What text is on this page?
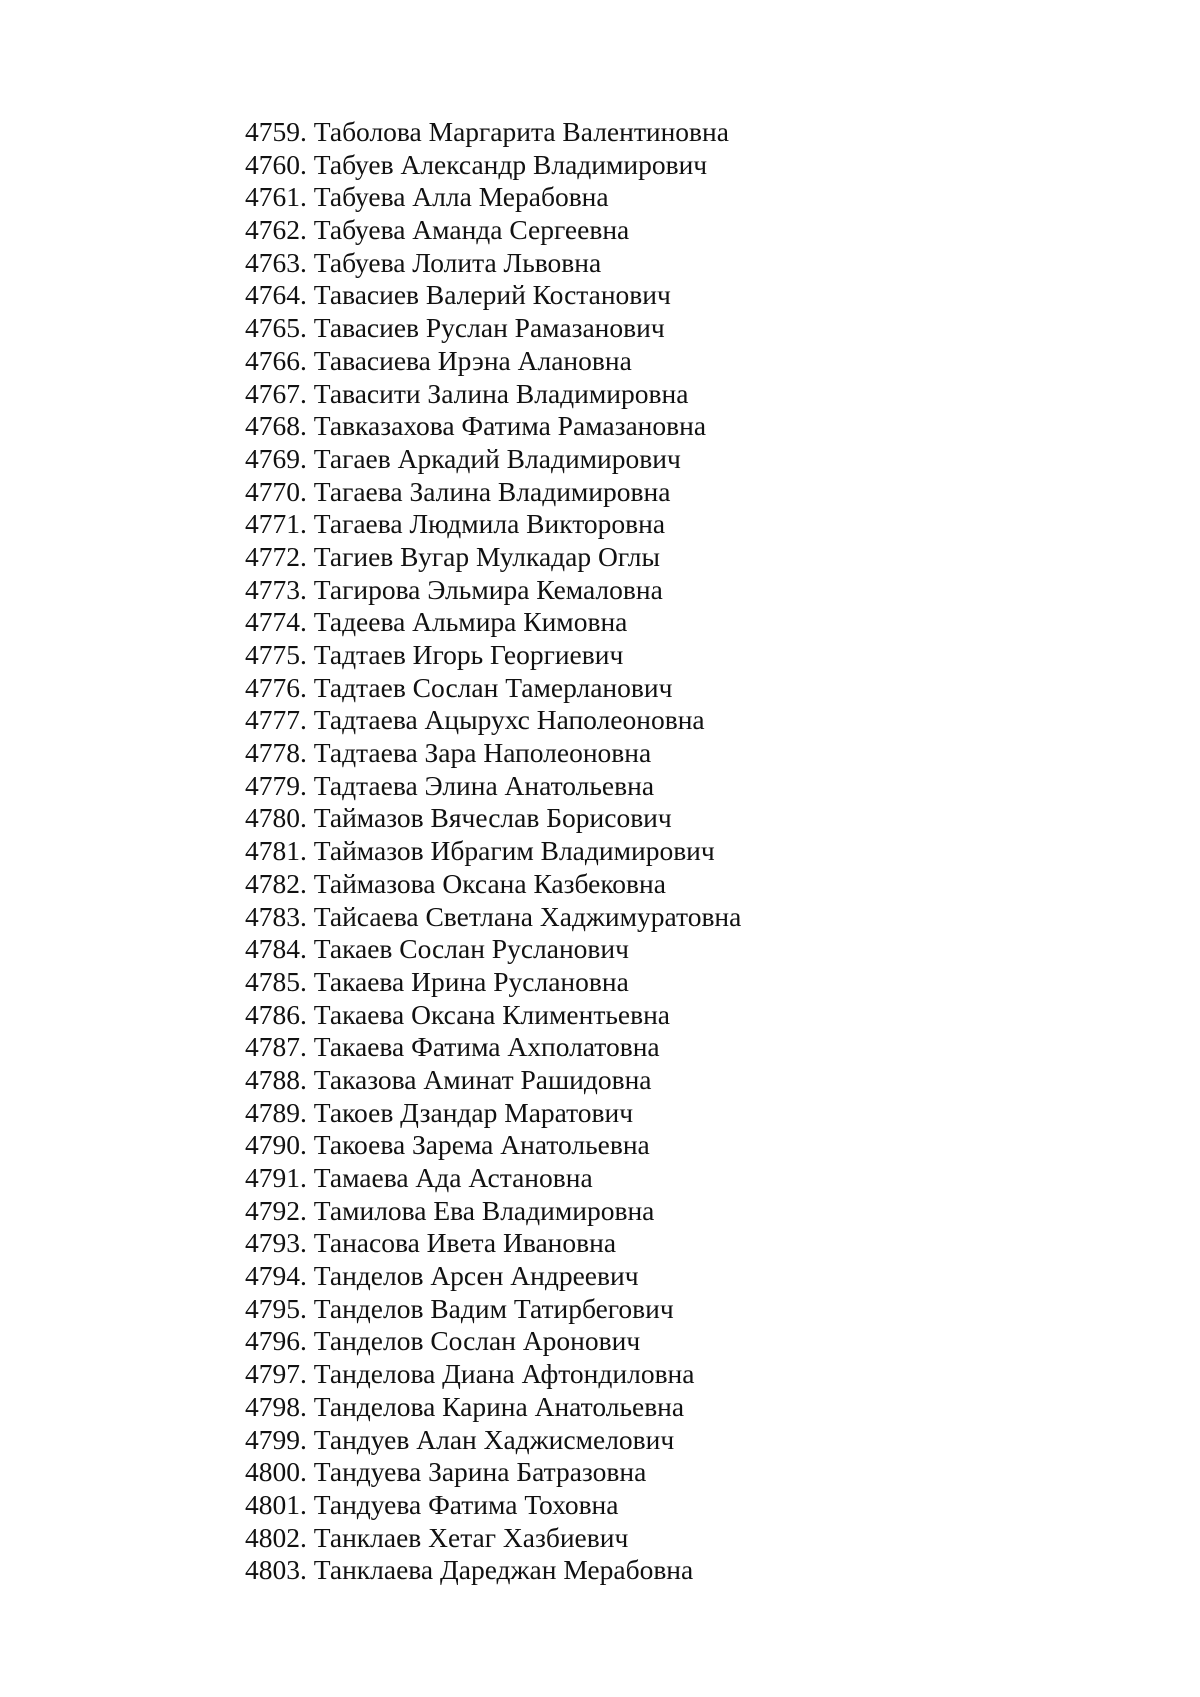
4759. Таболова Маргарита Валентиновна
4760. Табуев Александр Владимирович
4761. Табуева Алла Мерабовна
4762. Табуева Аманда Сергеевна
4763. Табуева Лолита Львовна
4764. Тавасиев Валерий Костанович
4765. Тавасиев Руслан Рамазанович
4766. Тавасиева Ирэна Алановна
4767. Тавасити Залина Владимировна
4768. Тавказахова Фатима Рамазановна
4769. Тагаев Аркадий Владимирович
4770. Тагаева Залина Владимировна
4771. Тагаева Людмила Викторовна
4772. Тагиев Вугар Мулкадар Оглы
4773. Тагирова Эльмира Кемаловна
4774. Тадеева Альмира Кимовна
4775. Тадтаев Игорь Георгиевич
4776. Тадтаев Сослан Тамерланович
4777. Тадтаева Ацырухс Наполеоновна
4778. Тадтаева Зара Наполеоновна
4779. Тадтаева Элина Анатольевна
4780. Таймазов Вячеслав Борисович
4781. Таймазов Ибрагим Владимирович
4782. Таймазова Оксана Казбековна
4783. Тайсаева Светлана Хаджимуратовна
4784. Такаев Сослан Русланович
4785. Такаева Ирина Руслановна
4786. Такаева Оксана Климентьевна
4787. Такаева Фатима Ахполатовна
4788. Таказова Аминат Рашидовна
4789. Такоев Дзандар Маратович
4790. Такоева Зарема Анатольевна
4791. Тамаева Ада Астановна
4792. Тамилова Ева Владимировна
4793. Танасова Ивета Ивановна
4794. Танделов Арсен Андреевич
4795. Танделов Вадим Татирбегович
4796. Танделов Сослан Аронович
4797. Танделова Диана Афтондиловна
4798. Танделова Карина Анатольевна
4799. Тандуев Алан Хаджисмелович
4800. Тандуева Зарина Батразовна
4801. Тандуева Фатима Тоховна
4802. Танклаев Хетаг Хазбиевич
4803. Танклаева Дареджан Мерабовна
